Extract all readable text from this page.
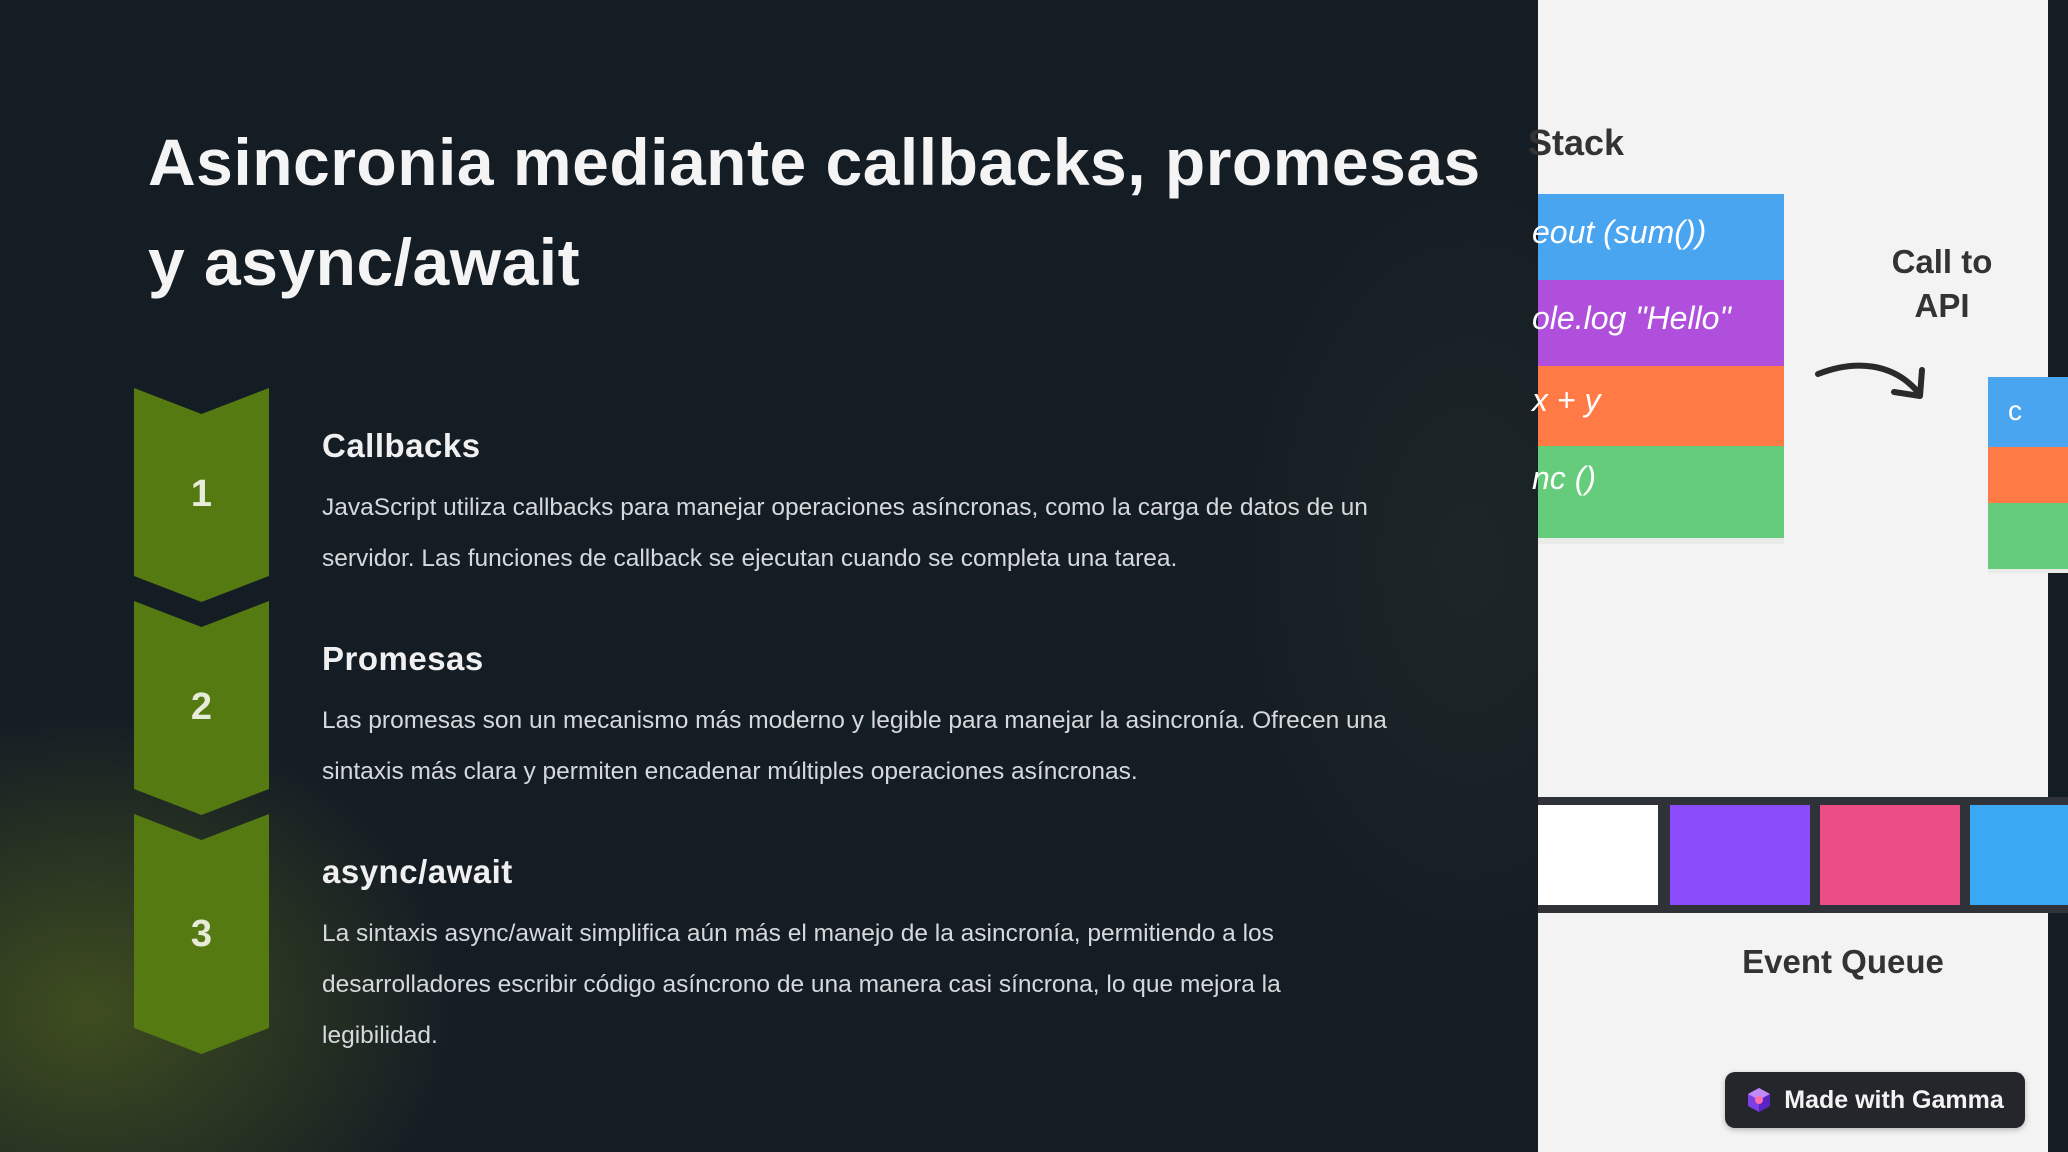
Asincronia mediante callbacks, promesas y async/await
1
Callbacks

JavaScript utiliza callbacks para manejar operaciones asíncronas, como la carga de datos de un servidor. Las funciones de callback se ejecutan cuando se completa una tarea.

2
Promesas

Las promesas son un mecanismo más moderno y legible para manejar la asincronía. Ofrecen una sintaxis más clara y permiten encadenar múltiples operaciones asíncronas.

3
async/await

La sintaxis async/await simplifica aún más el manejo de la asincronía, permitiendo a los desarrolladores escribir código asíncrono de una manera casi síncrona, lo que mejora la legibilidad.

Stack
eout (sum())
ole.log "Hello"
x + y
nc ()
Call to API
c
Event Queue
Made with Gamma
